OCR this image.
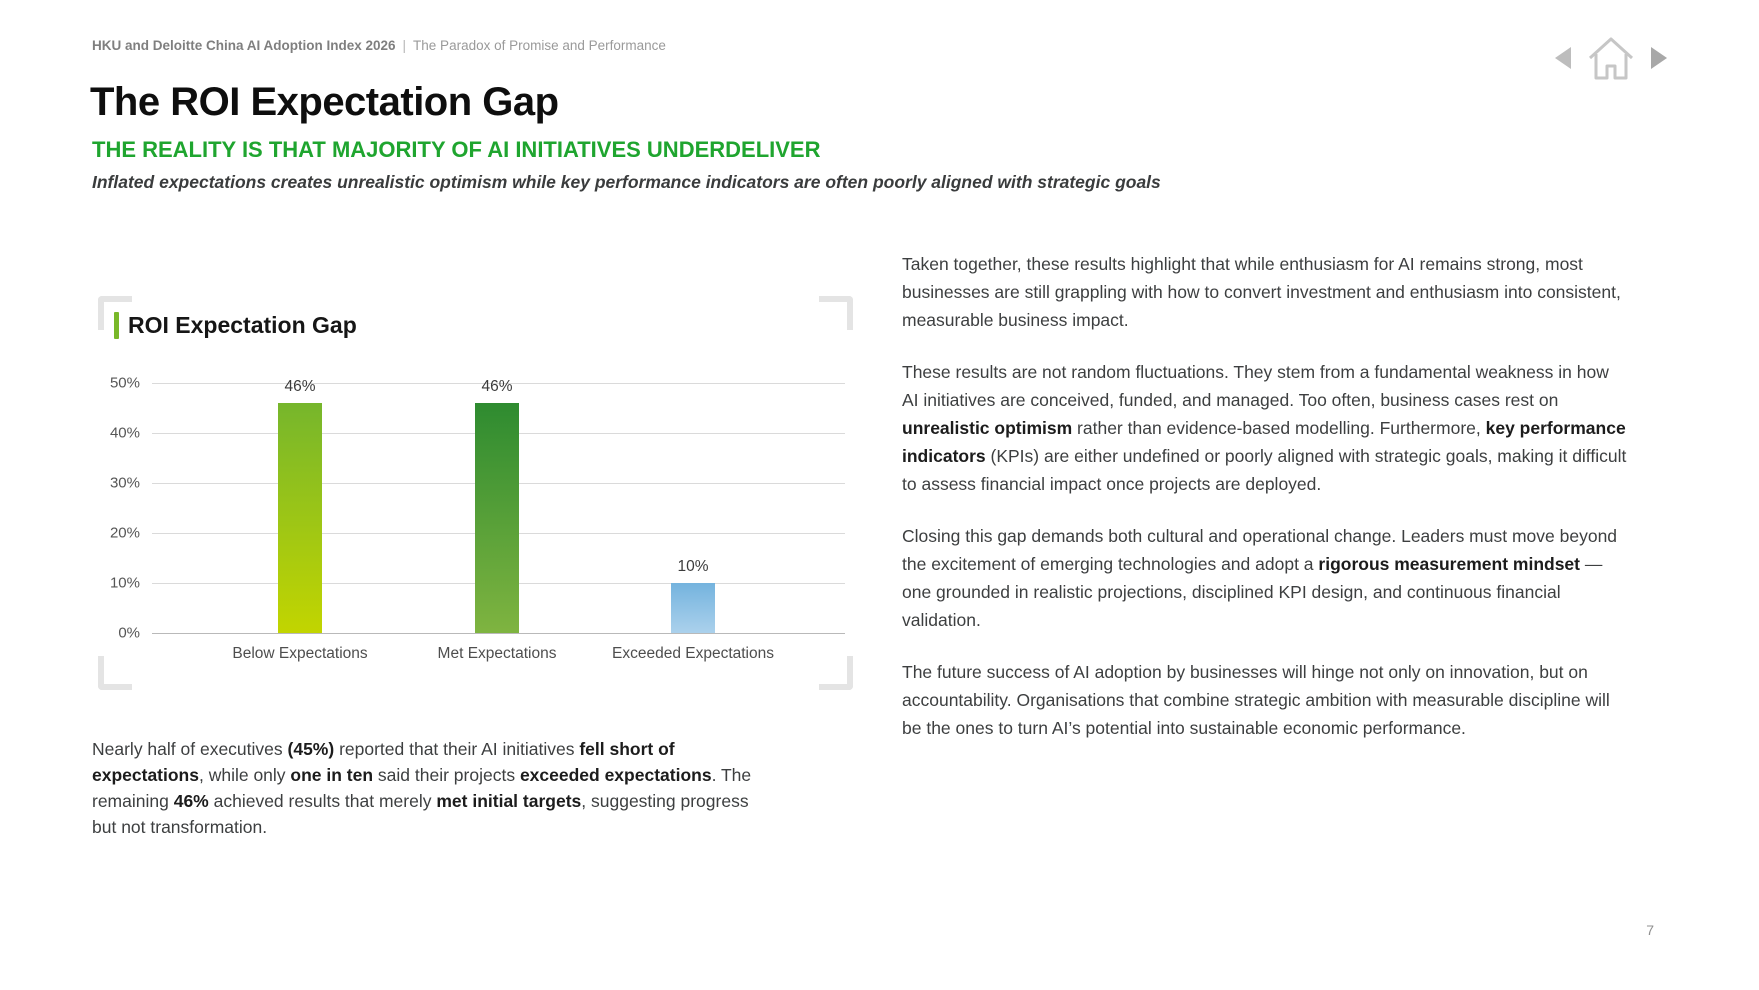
HKU and Deloitte China AI Adoption Index 2026 | The Paradox of Promise and Performance
The ROI Expectation Gap
THE REALITY IS THAT MAJORITY OF AI INITIATIVES UNDERDELIVER
Inflated expectations creates unrealistic optimism while key performance indicators are often poorly aligned with strategic goals
ROI Expectation Gap
0%
10%
20%
30%
40%
50%	46%
Below Expectations
46%
Met Expectations
10%
Exceeded Expectations
Nearly half of executives (45%) reported that their AI initiatives fell short of expectations, while only one in ten said their projects exceeded expectations. The remaining 46% achieved results that merely met initial targets, suggesting progress but not transformation.

Taken together, these results highlight that while enthusiasm for AI remains strong, most businesses are still grappling with how to convert investment and enthusiasm into consistent, measurable business impact.

These results are not random fluctuations. They stem from a fundamental weakness in how AI initiatives are conceived, funded, and managed. Too often, business cases rest on unrealistic optimism rather than evidence-based modelling. Furthermore, key performance indicators (KPIs) are either undefined or poorly aligned with strategic goals, making it difficult to assess financial impact once projects are deployed.

Closing this gap demands both cultural and operational change. Leaders must move beyond the excitement of emerging technologies and adopt a rigorous measurement mindset — one grounded in realistic projections, disciplined KPI design, and continuous financial validation.

The future success of AI adoption by businesses will hinge not only on innovation, but on accountability. Organisations that combine strategic ambition with measurable discipline will be the ones to turn AI’s potential into sustainable economic performance.

7
